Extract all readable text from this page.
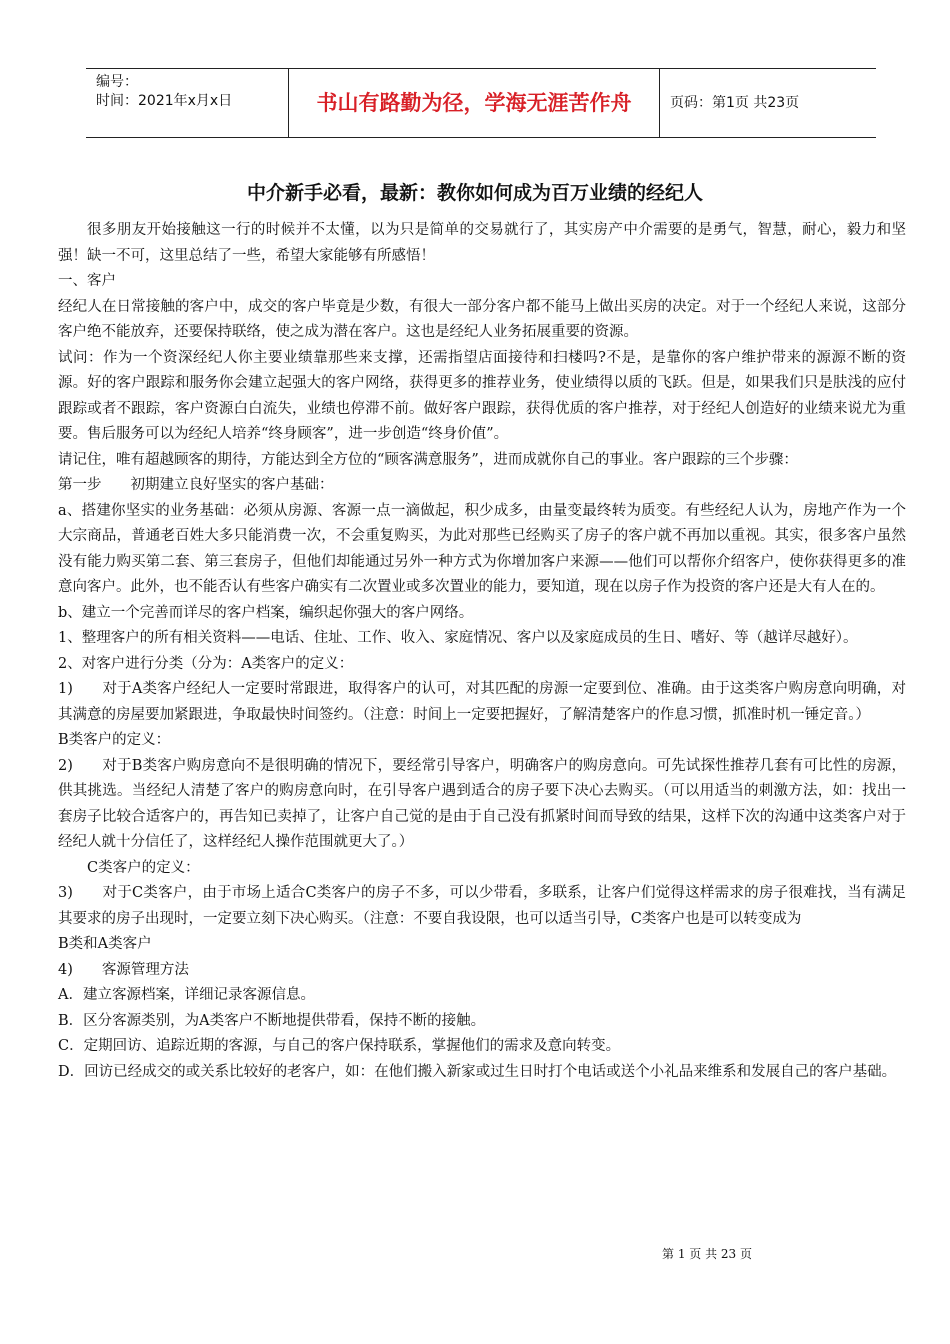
编号：
时间：2021年x月x日	书山有路勤为径，学海无涯苦作舟	页码：第1页 共23页
中介新手必看，最新：教你如何成为百万业绩的经纪人

很多朋友开始接触这一行的时候并不太懂，以为只是简单的交易就行了，其实房产中介需要的是勇气，智慧，耐心，毅力和坚强！缺一不可，这里总结了一些，希望大家能够有所感悟！

一、客户

经纪人在日常接触的客户中，成交的客户毕竟是少数，有很大一部分客户都不能马上做出买房的决定。对于一个经纪人来说，这部分客户绝不能放弃，还要保持联络，使之成为潜在客户。这也是经纪人业务拓展重要的资源。

试问：作为一个资深经纪人你主要业绩靠那些来支撑，还需指望店面接待和扫楼吗?不是，是靠你的客户维护带来的源源不断的资源。好的客户跟踪和服务你会建立起强大的客户网络，获得更多的推荐业务，使业绩得以质的飞跃。但是，如果我们只是肤浅的应付跟踪或者不跟踪，客户资源白白流失，业绩也停滞不前。做好客户跟踪，获得优质的客户推荐，对于经纪人创造好的业绩来说尤为重要。售后服务可以为经纪人培养“终身顾客”，进一步创造“终身价值”。

请记住，唯有超越顾客的期待，方能达到全方位的“顾客满意服务”，进而成就你自己的事业。客户跟踪的三个步骤：

第一步　　初期建立良好坚实的客户基础：

a、搭建你坚实的业务基础：必须从房源、客源一点一滴做起，积少成多，由量变最终转为质变。有些经纪人认为，房地产作为一个大宗商品，普通老百姓大多只能消费一次，不会重复购买，为此对那些已经购买了房子的客户就不再加以重视。其实，很多客户虽然没有能力购买第二套、第三套房子，但他们却能通过另外一种方式为你增加客户来源——他们可以帮你介绍客户，使你获得更多的准意向客户。此外，也不能否认有些客户确实有二次置业或多次置业的能力，要知道，现在以房子作为投资的客户还是大有人在的。

b、建立一个完善而详尽的客户档案，编织起你强大的客户网络。

1、整理客户的所有相关资料——电话、住址、工作、收入、家庭情况、客户以及家庭成员的生日、嗜好、等（越详尽越好）。

2、对客户进行分类（分为：A类客户的定义：

1)　　对于A类客户经纪人一定要时常跟进，取得客户的认可，对其匹配的房源一定要到位、准确。由于这类客户购房意向明确，对其满意的房屋要加紧跟进，争取最快时间签约。（注意：时间上一定要把握好，了解清楚客户的作息习惯，抓准时机一锤定音。）

B类客户的定义：

2)　　对于B类客户购房意向不是很明确的情况下，要经常引导客户，明确客户的购房意向。可先试探性推荐几套有可比性的房源，供其挑选。当经纪人清楚了客户的购房意向时，在引导客户遇到适合的房子要下决心去购买。（可以用适当的刺激方法，如：找出一套房子比较合适客户的，再告知已卖掉了，让客户自己觉的是由于自己没有抓紧时间而导致的结果，这样下次的沟通中这类客户对于经纪人就十分信任了，这样经纪人操作范围就更大了。）

C类客户的定义：

3)　　对于C类客户，由于市场上适合C类客户的房子不多，可以少带看，多联系，让客户们觉得这样需求的房子很难找，当有满足其要求的房子出现时，一定要立刻下决心购买。（注意：不要自我设限，也可以适当引导，C类客户也是可以转变成为

B类和A类客户

4)　　客源管理方法

A．建立客源档案，详细记录客源信息。

B．区分客源类别，为A类客户不断地提供带看，保持不断的接触。

C．定期回访、追踪近期的客源，与自己的客户保持联系，掌握他们的需求及意向转变。

D．回访已经成交的或关系比较好的老客户，如：在他们搬入新家或过生日时打个电话或送个小礼品来维系和发展自己的客户基础。

第 1 页 共 23 页
